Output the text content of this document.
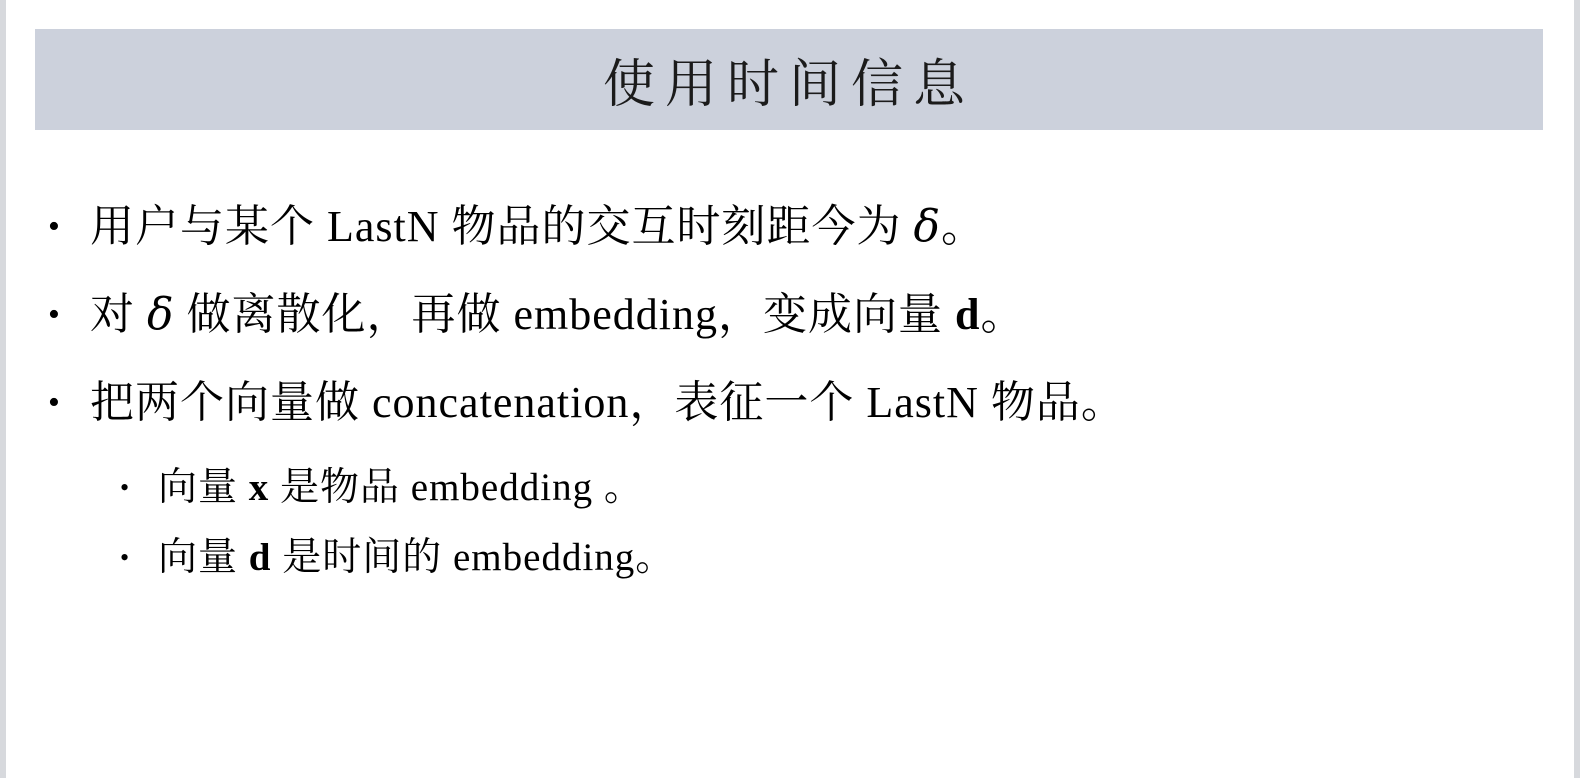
使用时间信息
• 用户与某个 LastN 物品的交互时刻距今为 δ。
• 对 δ 做离散化，再做 embedding，变成向量 d。
• 把两个向量做 concatenation，表征一个 LastN 物品。
• 向量 x 是物品 embedding 。
• 向量 d 是时间的 embedding。
